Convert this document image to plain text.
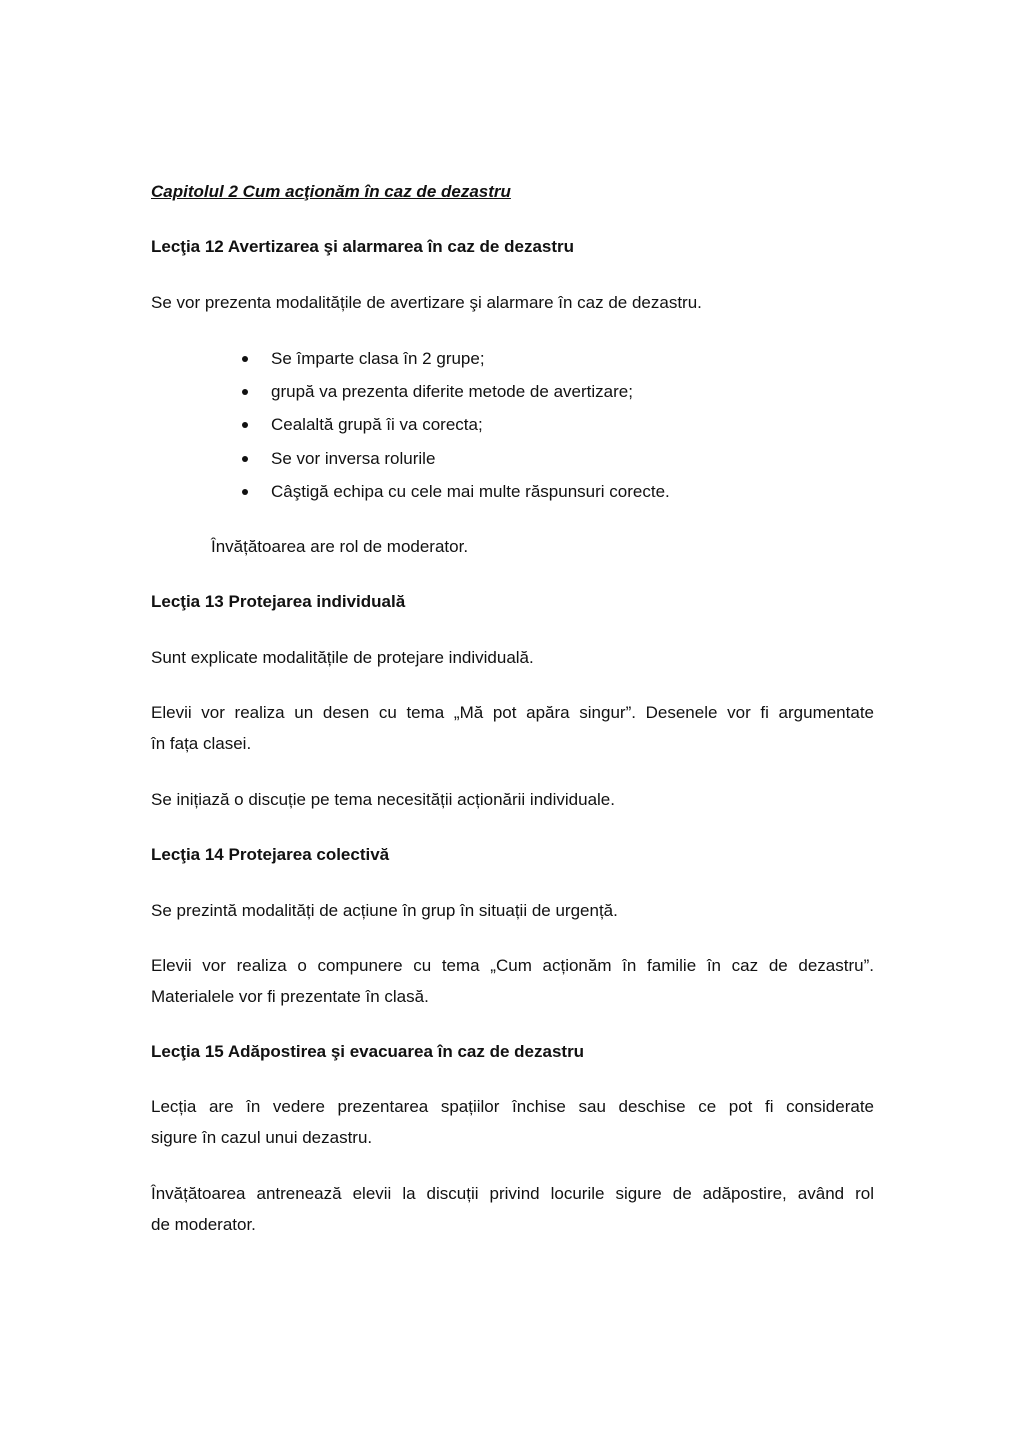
Capitolul 2 Cum acţionăm în caz de dezastru
Lecţia 12 Avertizarea şi alarmarea în caz de dezastru
Se vor prezenta modalitățile de avertizare şi alarmare în caz de dezastru.
Se împarte clasa în 2 grupe;
grupă va prezenta diferite metode de avertizare;
Cealaltă grupă îi va corecta;
Se vor inversa rolurile
Câştigă echipa cu cele mai multe răspunsuri corecte.
Învățătoarea are rol de moderator.
Lecţia 13 Protejarea individuală
Sunt explicate modalitățile de protejare individuală.
Elevii vor realiza un desen cu tema „Mă pot apăra singur”. Desenele vor fi argumentate
în fața clasei.
Se inițiază o discuție pe tema necesității acționării individuale.
Lecţia 14 Protejarea colectivă
Se prezintă modalități de acțiune în grup în situații de urgență.
Elevii vor realiza o compunere cu tema „Cum acționăm în familie în caz de dezastru”.
Materialele vor fi prezentate în clasă.
Lecţia 15 Adăpostirea şi evacuarea în caz de dezastru
Lecția are în vedere prezentarea spațiilor închise sau deschise ce pot fi considerate
sigure în cazul unui dezastru.
Învățătoarea antrenează elevii la discuții privind locurile sigure de adăpostire, având rol
de moderator.
